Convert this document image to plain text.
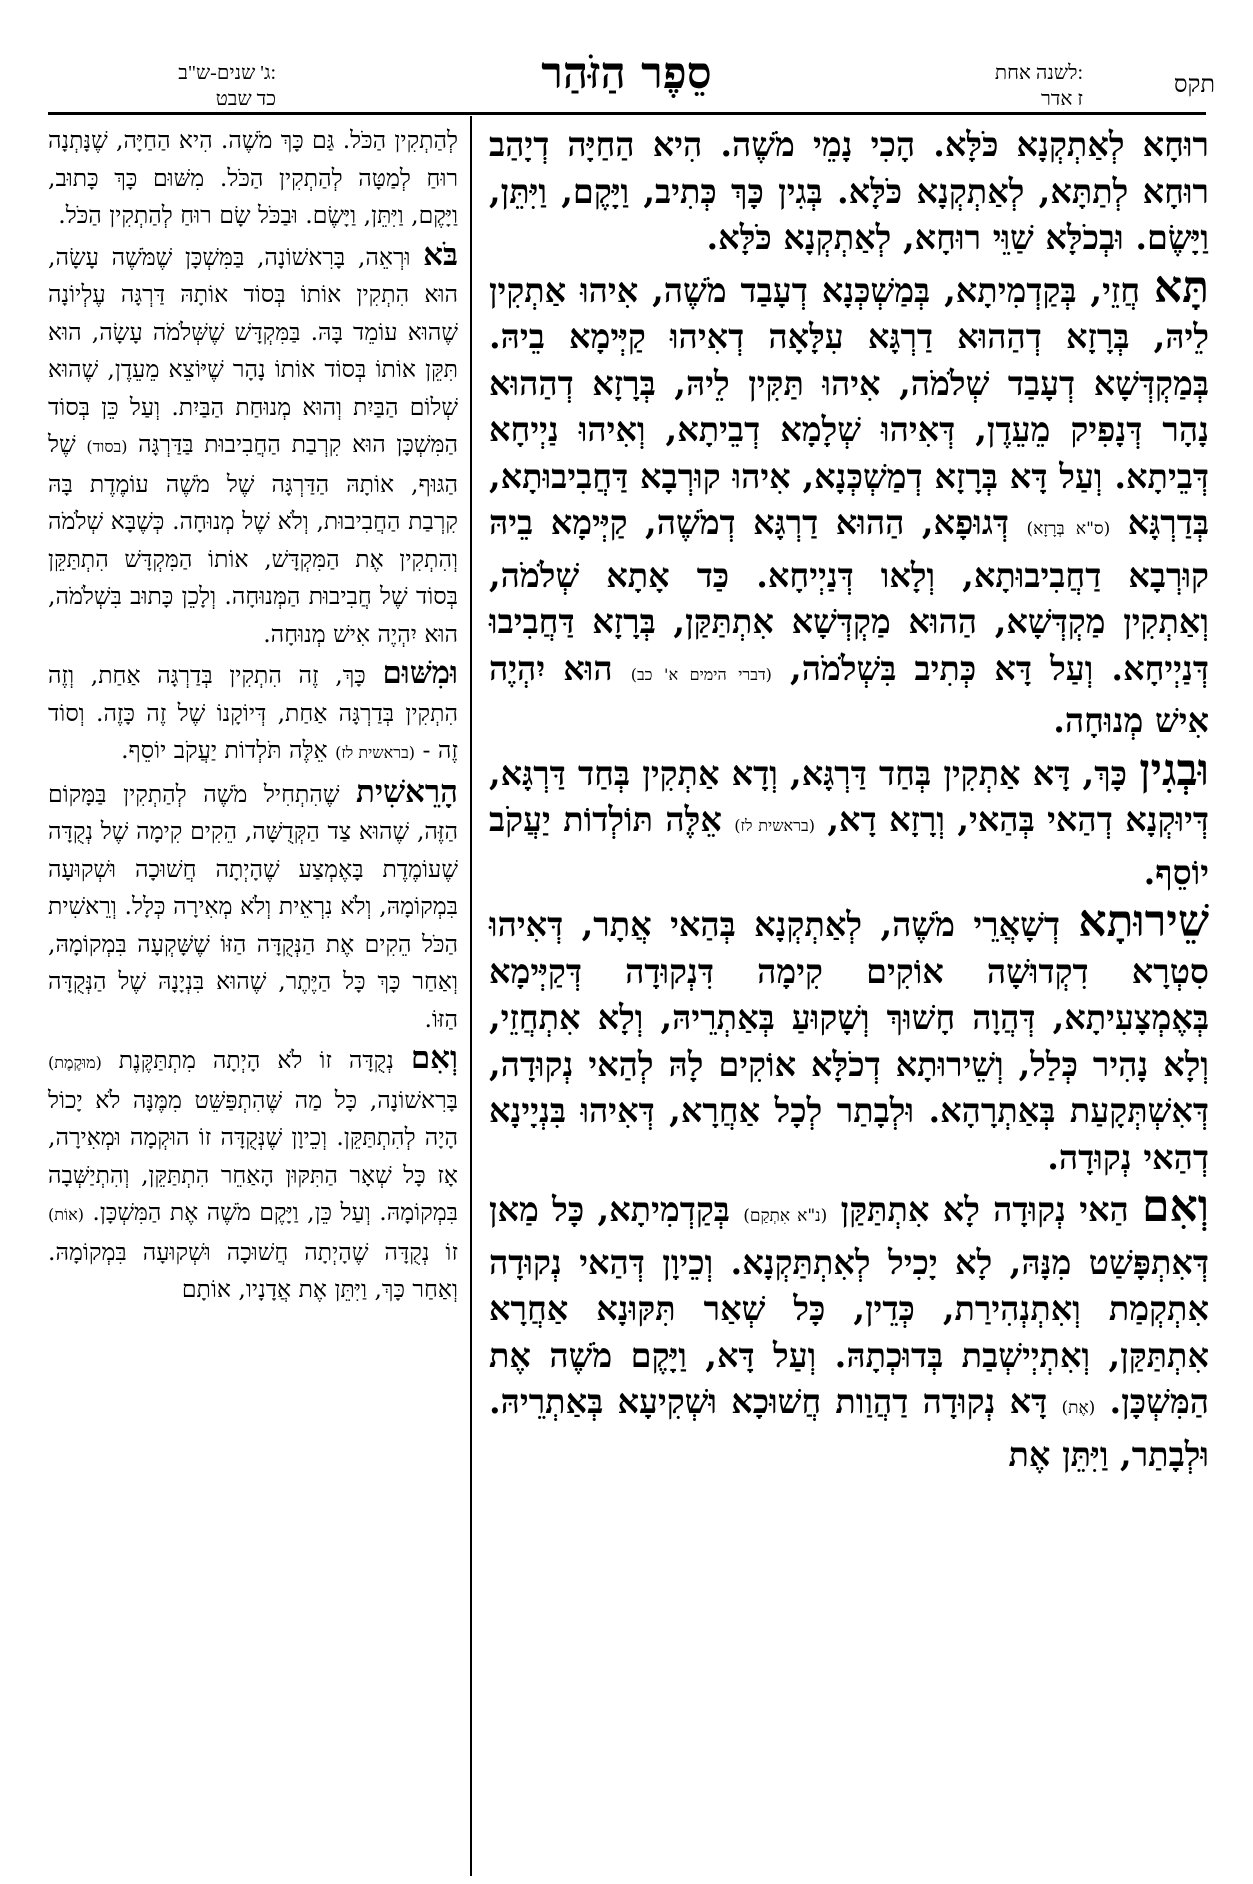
תקס
לשנה אחת:
ז אדר
סֵפֶר הַזֹּהַר
ג' שנים-ש"ב:
כד שבט

רוּחָא לְאַתְקְנָא כֹּלָּא. הָכִי נָמֵי מֹשֶׁה. הִיא הַחַיָּה דְיָהַב רוּחָא לְתַתָּא, לְאַתְקְנָא כֹּלָּא. בְּגִין כָּךְ כְּתִיב, וַיָּקֶם, וַיִּתֵּן, וַיָּשֶׂם. וּבְכֹלָּא שַׁוֵּי רוּחָא, לְאַתְקְנָא כֹּלָּא.

תָּא חֲזֵי, בְּקַדְמִיתָא, בְּמַשְׁכְּנָא דְעָבַד מֹשֶׁה, אִיהוּ אַתְקִין לֵיהּ, בְּרָזָא דְהַהוּא דַרְגָּא עִלָּאָה דְאִיהוּ קַיְּימָא בֵיהּ. בְּמַקְדְּשָׁא דְעָבַד שְׁלֹמֹה, אִיהוּ תַּקִּין לֵיהּ, בְּרָזָא דְהַהוּא נָהָר דְּנָפִיק מֵעֵדֶן, דְּאִיהוּ שְׁלָמָא דְבֵיתָא, וְאִיהוּ נַיְיחָא דְּבֵיתָא. וְעַל דָּא בְּרָזָא דְמַשְׁכְּנָא, אִיהוּ קוּרְבָא דַּחֲבִיבוּתָא, בְּדַרְגָּא (ס"א בְּרָזָא) דְּגוּפָא, הַהוּא דַרְגָּא דְמֹשֶׁה, קַיְּימָא בֵיהּ קוּרְבָא דַחֲבִיבוּתָא, וְלָאו דְּנַיְיחָא. כַּד אָתָא שְׁלֹמֹה, וְאַתְקִין מַקְדְּשָׁא, הַהוּא מַקְדְּשָׁא אִתְתַּקַּן, בְּרָזָא דַּחֲבִיבוּ דְּנַיְיחָא. וְעַל דָּא כְּתִיב בִּשְׁלֹמֹה, (דברי הימים א' כב) הוּא יִהְיֶה אִישׁ מְנוּחָה.

וּבְגִין כָּךְ, דָּא אַתְקִין בְּחַד דַּרְגָּא, וְדָא אַתְקִין בְּחַד דַּרְגָּא, דְּיוּקְנָא דְהַאי בְּהַאי, וְרָזָא דָא, (בראשית לז) אֵלֶּה תּוֹלְדוֹת יַעֲקֹב יוֹסֵף.

שֵׁירוּתָא דְשָׁאֲרֵי מֹשֶׁה, לְאַתְקְנָא בְּהַאי אֲתָר, דְּאִיהוּ סִטְרָא דִקְדוּשָׁה אוֹקִים קִימָה דִּנְקוּדָה דְּקַיְּימָא בְּאֶמְצָעִיתָא, דְּהֲוָה חָשׁוּךְ וְשָׁקוּעַ בְּאַתְרֵיהּ, וְלָא אִתְחֲזֵי, וְלָא נָהִיר כְּלַל, וְשֵׁירוּתָא דְכֹלָּא אוֹקִים לָהּ לְהַאי נְקוּדָה, דְּאִשְׁתְּקָעַת בְּאַתְרָהָא. וּלְבָתַר לְכָל אַחֲרָא, דְּאִיהוּ בִּנְיָינָא דְהַאי נְקוּדָה.

וְאִם הַאי נְקוּדָה לָא אִתְתַּקַּן (נ"א אִתְקַם) בְּקַדְמִיתָא, כָּל מַאן דְּאִתְפָּשַׁט מִנָּהּ, לָא יָכִיל לְאִתְתַּקְנָא. וְכֵיוָן דְּהַאי נְקוּדָה אִתְקְמַת וְאִתְנְהִירַת, כְּדֵין, כָּל שְׁאַר תִּקּוּנָא אַחֲרָא אִתְתַּקַּן, וְאִתְיְישְׁבַת בְּדוּכְתָהּ. וְעַל דָּא, וַיָּקֶם מֹשֶׁה אֶת הַמִּשְׁכָּן. (אֶת) דָּא נְקוּדָה דַהֲוַות חֲשׁוּכָא וּשְׁקִיעָא בְּאַתְרֵיהּ. וּלְבָתַר, וַיִּתֵּן אֶת

לְהַתְקִין הַכֹּל. גַּם כָּךְ מֹשֶׁה. הִיא הַחַיָּה, שֶׁנָּתְנָה רוּחַ לְמַטָּה לְהַתְקִין הַכֹּל. מִשּׁוּם כָּךְ כָּתוּב, וַיָּקֶם, וַיִּתֵּן, וַיָּשֶׂם. וּבַכֹּל שָׂם רוּחַ לְהַתְקִין הַכֹּל.

בֹּא וּרְאֵה, בָּרִאשׁוֹנָה, בַּמִּשְׁכָּן שֶׁמֹּשֶׁה עָשָׂה, הוּא הִתְקִין אוֹתוֹ בְּסוֹד אוֹתָהּ דַּרְגָּה עֶלְיוֹנָה שֶׁהוּא עוֹמֵד בָּהּ. בַּמִּקְדָּשׁ שֶׁשְּׁלֹמֹה עָשָׂה, הוּא תִּקֵּן אוֹתוֹ בְּסוֹד אוֹתוֹ נָהָר שֶׁיּוֹצֵא מֵעֵדֶן, שֶׁהוּא שְׁלוֹם הַבַּיִת וְהוּא מְנוּחַת הַבַּיִת. וְעַל כֵּן בְּסוֹד הַמִּשְׁכָּן הוּא קִרְבַת הַחֲבִיבוּת בַּדַּרְגָּה (בסוד) שֶׁל הַגּוּף, אוֹתָהּ הַדַּרְגָּה שֶׁל מֹשֶׁה עוֹמֶדֶת בָּהּ קִרְבַת הַחֲבִיבוּת, וְלֹא שֶׁל מְנוּחָה. כְּשֶׁבָּא שְׁלֹמֹה וְהִתְקִין אֶת הַמִּקְדָּשׁ, אוֹתוֹ הַמִּקְדָּשׁ הִתְתַּקֵּן בְּסוֹד שֶׁל חֲבִיבוּת הַמְּנוּחָה. וְלָכֵן כָּתוּב בִּשְׁלֹמֹה, הוּא יִהְיֶה אִישׁ מְנוּחָה.

וּמִשּׁוּם כָּךְ, זֶה הִתְקִין בְּדַרְגָּה אַחַת, וְזֶה הִתְקִין בְּדַרְגָּה אַחַת, דְּיוֹקָנוֹ שֶׁל זֶה כָּזֶה. וְסוֹד זֶה - (בראשית לז) אֵלֶּה תֹּלְדוֹת יַעֲקֹב יוֹסֵף.

הָרֵאשִׁית שֶׁהִתְחִיל מֹשֶׁה לְהַתְקִין בַּמָּקוֹם הַזֶּה, שֶׁהוּא צַד הַקְּדֻשָּׁה, הֵקִים קִימָה שֶׁל נְקֻדָּה שֶׁעוֹמֶדֶת בָּאֶמְצַע שֶׁהָיְתָה חֲשׁוּכָה וּשְׁקוּעָה בִּמְקוֹמָהּ, וְלֹא נִרְאֵית וְלֹא מְאִירָה כְּלָל. וְרֵאשִׁית הַכֹּל הֵקִים אֶת הַנְּקֻדָּה הַזּוֹ שֶׁשָּׁקְעָה בִּמְקוֹמָהּ, וְאַחַר כָּךְ כָּל הַיֶּתֶר, שֶׁהוּא בִּנְיָנָהּ שֶׁל הַנְּקֻדָּה הַזּוֹ.

וְאִם נְקֻדָּה זוֹ לֹא הָיְתָה מִתְתַּקֶּנֶת (מוּקֶמֶת) בָּרִאשׁוֹנָה, כָּל מַה שֶּׁהִתְפַּשֵּׁט מִמֶּנָּה לֹא יָכוֹל הָיָה לְהִתְתַּקֵּן. וְכֵיוָן שֶׁנְּקֻדָּה זוֹ הוּקְמָה וּמְאִירָה, אָז כָּל שְׁאָר הַתִּקּוּן הָאַחֵר הִתְתַּקֵּן, וְהִתְיַשְּׁבָה בִּמְקוֹמָהּ. וְעַל כֵּן, וַיָּקֶם מֹשֶׁה אֶת הַמִּשְׁכָּן. (אוֹת) זוֹ נְקֻדָּה שֶׁהָיְתָה חֲשׁוּכָה וּשְׁקוּעָה בִּמְקוֹמָהּ. וְאַחַר כָּךְ, וַיִּתֵּן אֶת אֲדָנָיו, אוֹתָם
